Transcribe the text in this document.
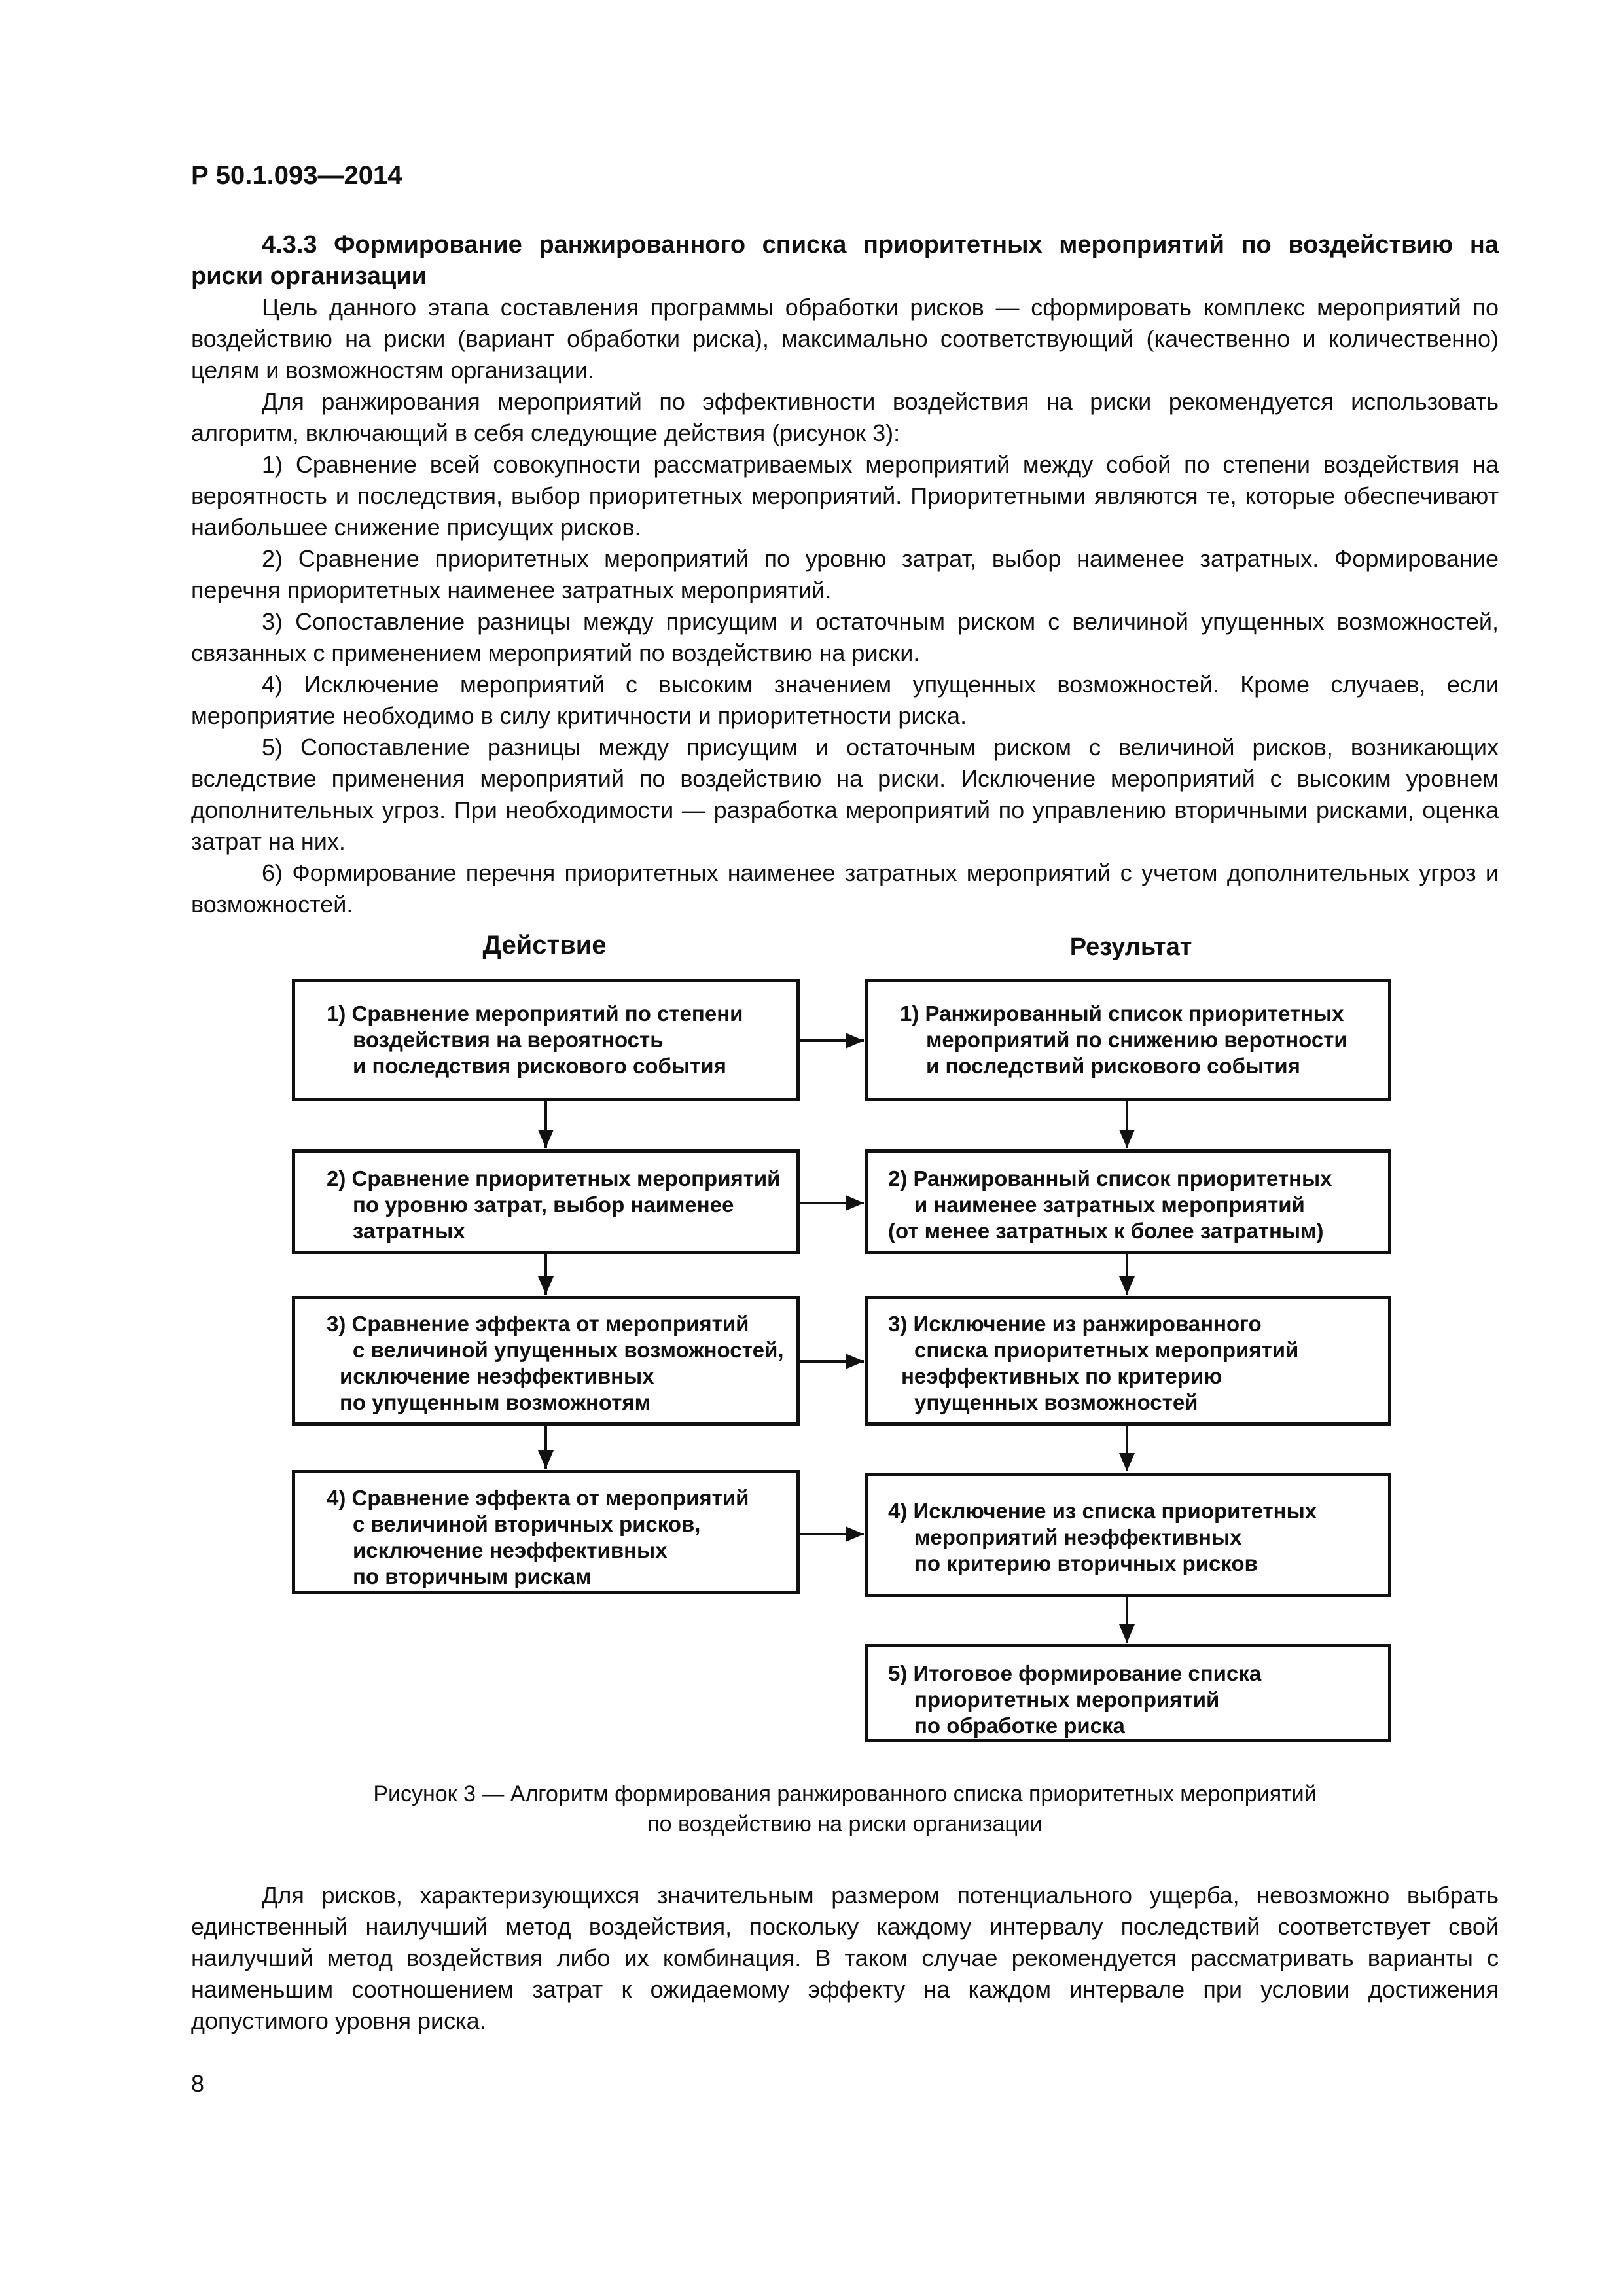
Р 50.1.093—2014

4.3.3 Формирование ранжированного списка приоритетных мероприятий по воздействию на риски организации

Цель данного этапа составления программы обработки рисков — сформировать комплекс мероприятий по воздействию на риски (вариант обработки риска), максимально соответствующий (качественно и количественно) целям и возможностям организации.

Для ранжирования мероприятий по эффективности воздействия на риски рекомендуется использовать алгоритм, включающий в себя следующие действия (рисунок 3):

1) Сравнение всей совокупности рассматриваемых мероприятий между собой по степени воздействия на вероятность и последствия, выбор приоритетных мероприятий. Приоритетными являются те, которые обеспечивают наибольшее снижение присущих рисков.

2) Сравнение приоритетных мероприятий по уровню затрат, выбор наименее затратных. Формирование перечня приоритетных наименее затратных мероприятий.

3) Сопоставление разницы между присущим и остаточным риском с величиной упущенных возможностей, связанных с применением мероприятий по воздействию на риски.

4) Исключение мероприятий с высоким значением упущенных возможностей. Кроме случаев, если мероприятие необходимо в силу критичности и приоритетности риска.

5) Сопоставление разницы между присущим и остаточным риском с величиной рисков, возникающих вследствие применения мероприятий по воздействию на риски. Исключение мероприятий с высоким уровнем дополнительных угроз. При необходимости — разработка мероприятий по управлению вторичными рисками, оценка затрат на них.

6) Формирование перечня приоритетных наименее затратных мероприятий с учетом дополнительных угроз и возможностей.

Действие	Результат
1) Сравнение мероприятий по степени
воздействия на вероятность
и последствия рискового события
2) Сравнение приоритетных мероприятий
по уровню затрат, выбор наименее
затратных
3) Сравнение эффекта от мероприятий
с величиной упущенных возможностей,
исключение неэффективных
по упущенным возможнотям
4) Сравнение эффекта от мероприятий
с величиной вторичных рисков,
исключение неэффективных
по вторичным рискам
1) Ранжированный список приоритетных
мероприятий по снижению веротности
и последствий рискового события
2) Ранжированный список приоритетных
и наименее затратных мероприятий
(от менее затратных к более затратным)
3) Исключение из ранжированного
списка приоритетных мероприятий
неэффективных по критерию
упущенных возможностей
4) Исключение из списка приоритетных
мероприятий неэффективных
по критерию вторичных рисков
5) Итоговое формирование списка
приоритетных мероприятий
по обработке риска
Рисунок 3 — Алгоритм формирования ранжированного списка приоритетных мероприятий
по воздействию на риски организации

Для рисков, характеризующихся значительным размером потенциального ущерба, невозможно выбрать единственный наилучший метод воздействия, поскольку каждому интервалу последствий соответствует свой наилучший метод воздействия либо их комбинация. В таком случае рекомендуется рассматривать варианты с наименьшим соотношением затрат к ожидаемому эффекту на каждом интервале при условии достижения допустимого уровня риска.

8
